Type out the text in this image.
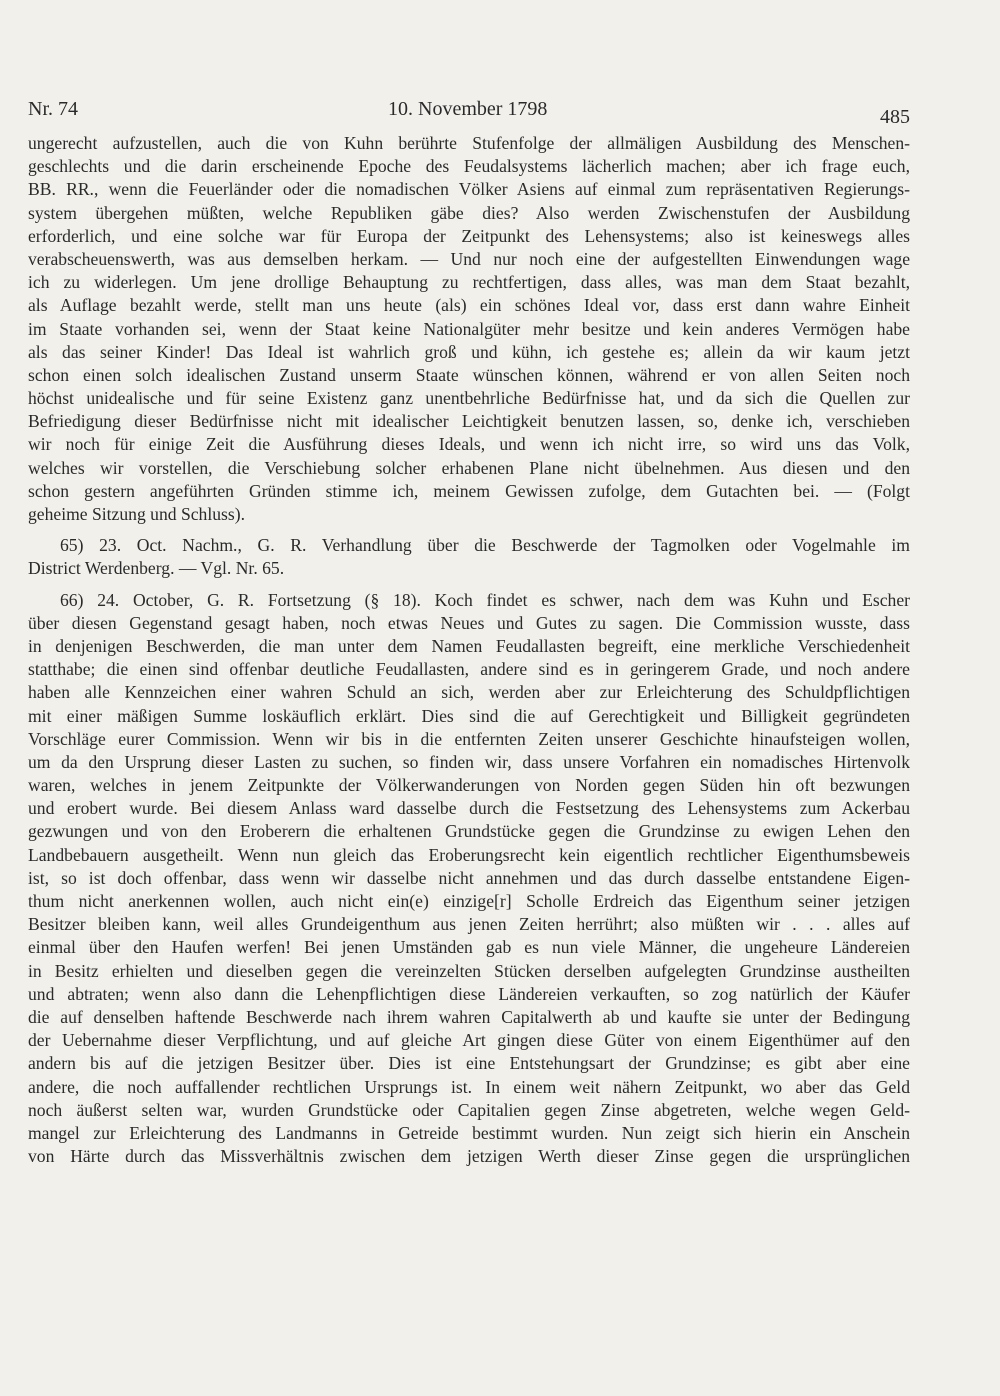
Nr. 74	10. November 1798	485
ungerecht aufzustellen, auch die von Kuhn berührte Stufenfolge der allmäligen Ausbildung des Menschen-
geschlechts und die darin erscheinende Epoche des Feudalsystems lächerlich machen; aber ich frage euch,
BB. RR., wenn die Feuerländer oder die nomadischen Völker Asiens auf einmal zum repräsentativen Regierungs-
system übergehen müßten, welche Republiken gäbe dies? Also werden Zwischenstufen der Ausbildung
erforderlich, und eine solche war für Europa der Zeitpunkt des Lehensystems; also ist keineswegs alles
verabscheuenswerth, was aus demselben herkam. — Und nur noch eine der aufgestellten Einwendungen wage
ich zu widerlegen. Um jene drollige Behauptung zu rechtfertigen, dass alles, was man dem Staat bezahlt,
als Auflage bezahlt werde, stellt man uns heute (als) ein schönes Ideal vor, dass erst dann wahre Einheit
im Staate vorhanden sei, wenn der Staat keine Nationalgüter mehr besitze und kein anderes Vermögen habe
als das seiner Kinder! Das Ideal ist wahrlich groß und kühn, ich gestehe es; allein da wir kaum jetzt
schon einen solch idealischen Zustand unserm Staate wünschen können, während er von allen Seiten noch
höchst unidealische und für seine Existenz ganz unentbehrliche Bedürfnisse hat, und da sich die Quellen zur
Befriedigung dieser Bedürfnisse nicht mit idealischer Leichtigkeit benutzen lassen, so, denke ich, verschieben
wir noch für einige Zeit die Ausführung dieses Ideals, und wenn ich nicht irre, so wird uns das Volk,
welches wir vorstellen, die Verschiebung solcher erhabenen Plane nicht übelnehmen. Aus diesen und den
schon gestern angeführten Gründen stimme ich, meinem Gewissen zufolge, dem Gutachten bei. — (Folgt
geheime Sitzung und Schluss).
65) 23. Oct. Nachm., G. R. Verhandlung über die Beschwerde der Tagmolken oder Vogelmahle im
District Werdenberg. — Vgl. Nr. 65.
66) 24. October, G. R. Fortsetzung (§ 18). Koch findet es schwer, nach dem was Kuhn und Escher
über diesen Gegenstand gesagt haben, noch etwas Neues und Gutes zu sagen. Die Commission wusste, dass
in denjenigen Beschwerden, die man unter dem Namen Feudallasten begreift, eine merkliche Verschiedenheit
statthabe; die einen sind offenbar deutliche Feudallasten, andere sind es in geringerem Grade, und noch andere
haben alle Kennzeichen einer wahren Schuld an sich, werden aber zur Erleichterung des Schuldpflichtigen
mit einer mäßigen Summe loskäuflich erklärt. Dies sind die auf Gerechtigkeit und Billigkeit gegründeten
Vorschläge eurer Commission. Wenn wir bis in die entfernten Zeiten unserer Geschichte hinaufsteigen wollen,
um da den Ursprung dieser Lasten zu suchen, so finden wir, dass unsere Vorfahren ein nomadisches Hirtenvolk
waren, welches in jenem Zeitpunkte der Völkerwanderungen von Norden gegen Süden hin oft bezwungen
und erobert wurde. Bei diesem Anlass ward dasselbe durch die Festsetzung des Lehensystems zum Ackerbau
gezwungen und von den Eroberern die erhaltenen Grundstücke gegen die Grundzinse zu ewigen Lehen den
Landbebauern ausgetheilt. Wenn nun gleich das Eroberungsrecht kein eigentlich rechtlicher Eigenthumsbeweis
ist, so ist doch offenbar, dass wenn wir dasselbe nicht annehmen und das durch dasselbe entstandene Eigen-
thum nicht anerkennen wollen, auch nicht ein(e) einzige[r] Scholle Erdreich das Eigenthum seiner jetzigen
Besitzer bleiben kann, weil alles Grundeigenthum aus jenen Zeiten herrührt; also müßten wir . . . alles auf
einmal über den Haufen werfen! Bei jenen Umständen gab es nun viele Männer, die ungeheure Ländereien
in Besitz erhielten und dieselben gegen die vereinzelten Stücken derselben aufgelegten Grundzinse austheilten
und abtraten; wenn also dann die Lehenpflichtigen diese Ländereien verkauften, so zog natürlich der Käufer
die auf denselben haftende Beschwerde nach ihrem wahren Capitalwerth ab und kaufte sie unter der Bedingung
der Uebernahme dieser Verpflichtung, und auf gleiche Art gingen diese Güter von einem Eigenthümer auf den
andern bis auf die jetzigen Besitzer über. Dies ist eine Entstehungsart der Grundzinse; es gibt aber eine
andere, die noch auffallender rechtlichen Ursprungs ist. In einem weit nähern Zeitpunkt, wo aber das Geld
noch äußerst selten war, wurden Grundstücke oder Capitalien gegen Zinse abgetreten, welche wegen Geld-
mangel zur Erleichterung des Landmanns in Getreide bestimmt wurden. Nun zeigt sich hierin ein Anschein
von Härte durch das Missverhältnis zwischen dem jetzigen Werth dieser Zinse gegen die ursprünglichen
